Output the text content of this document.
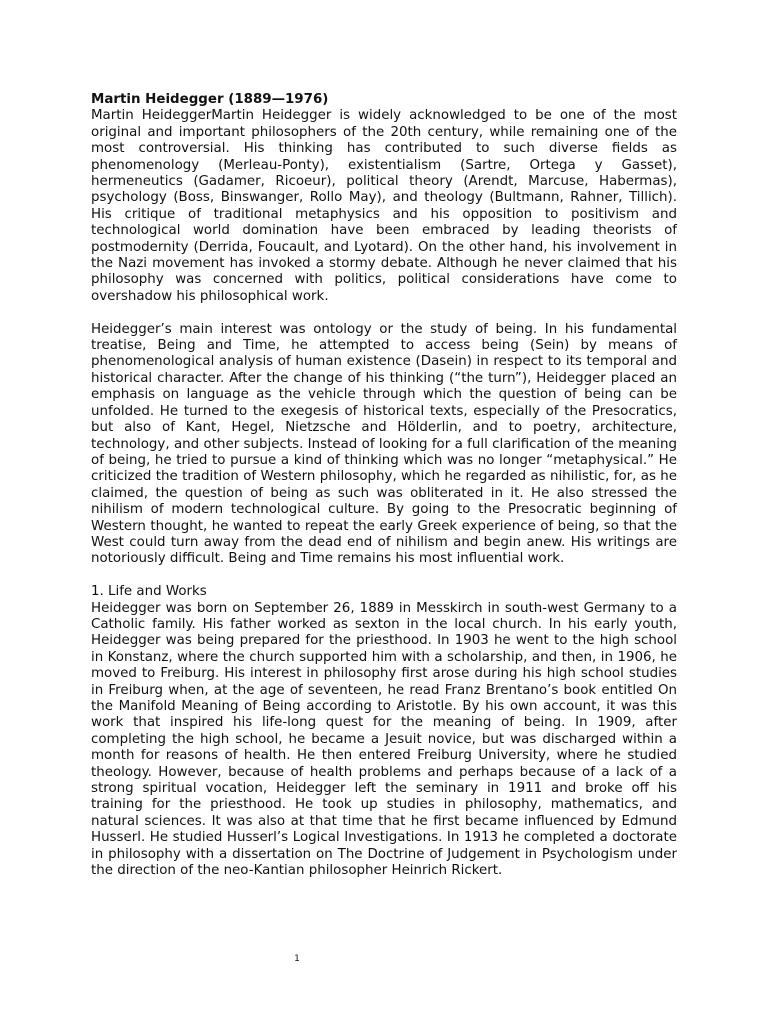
Martin Heidegger (1889—1976)

Martin HeideggerMartin Heidegger is widely acknowledged to be one of the most original and important philosophers of the 20th century, while remaining one of the most controversial. His thinking has contributed to such diverse fields as phenomenology (Merleau-Ponty), existentialism (Sartre, Ortega y Gasset), hermeneutics (Gadamer, Ricoeur), political theory (Arendt, Marcuse, Habermas), psychology (Boss, Binswanger, Rollo May), and theology (Bultmann, Rahner, Tillich). His critique of traditional metaphysics and his opposition to positivism and technological world domination have been embraced by leading theorists of postmodernity (Derrida, Foucault, and Lyotard). On the other hand, his involvement in the Nazi movement has invoked a stormy debate. Although he never claimed that his philosophy was concerned with politics, political considerations have come to overshadow his philosophical work.

Heidegger’s main interest was ontology or the study of being. In his fundamental treatise, Being and Time, he attempted to access being (Sein) by means of phenomenological analysis of human existence (Dasein) in respect to its temporal and historical character. After the change of his thinking (“the turn”), Heidegger placed an emphasis on language as the vehicle through which the question of being can be unfolded. He turned to the exegesis of historical texts, especially of the Presocratics, but also of Kant, Hegel, Nietzsche and Hölderlin, and to poetry, architecture, technology, and other subjects. Instead of looking for a full clarification of the meaning of being, he tried to pursue a kind of thinking which was no longer “metaphysical.” He criticized the tradition of Western philosophy, which he regarded as nihilistic, for, as he claimed, the question of being as such was obliterated in it. He also stressed the nihilism of modern technological culture. By going to the Presocratic beginning of Western thought, he wanted to repeat the early Greek experience of being, so that the West could turn away from the dead end of nihilism and begin anew. His writings are notoriously difficult. Being and Time remains his most influential work.

1. Life and Works

Heidegger was born on September 26, 1889 in Messkirch in south-west Germany to a Catholic family. His father worked as sexton in the local church. In his early youth, Heidegger was being prepared for the priesthood. In 1903 he went to the high school in Konstanz, where the church supported him with a scholarship, and then, in 1906, he moved to Freiburg. His interest in philosophy first arose during his high school studies in Freiburg when, at the age of seventeen, he read Franz Brentano’s book entitled On the Manifold Meaning of Being according to Aristotle. By his own account, it was this work that inspired his life-long quest for the meaning of being. In 1909, after completing the high school, he became a Jesuit novice, but was discharged within a month for reasons of health. He then entered Freiburg University, where he studied theology. However, because of health problems and perhaps because of a lack of a strong spiritual vocation, Heidegger left the seminary in 1911 and broke off his training for the priesthood. He took up studies in philosophy, mathematics, and natural sciences. It was also at that time that he first became influenced by Edmund Husserl. He studied Husserl’s Logical Investigations. In 1913 he completed a doctorate in philosophy with a dissertation on The Doctrine of Judgement in Psychologism under the direction of the neo-Kantian philosopher Heinrich Rickert.

1
